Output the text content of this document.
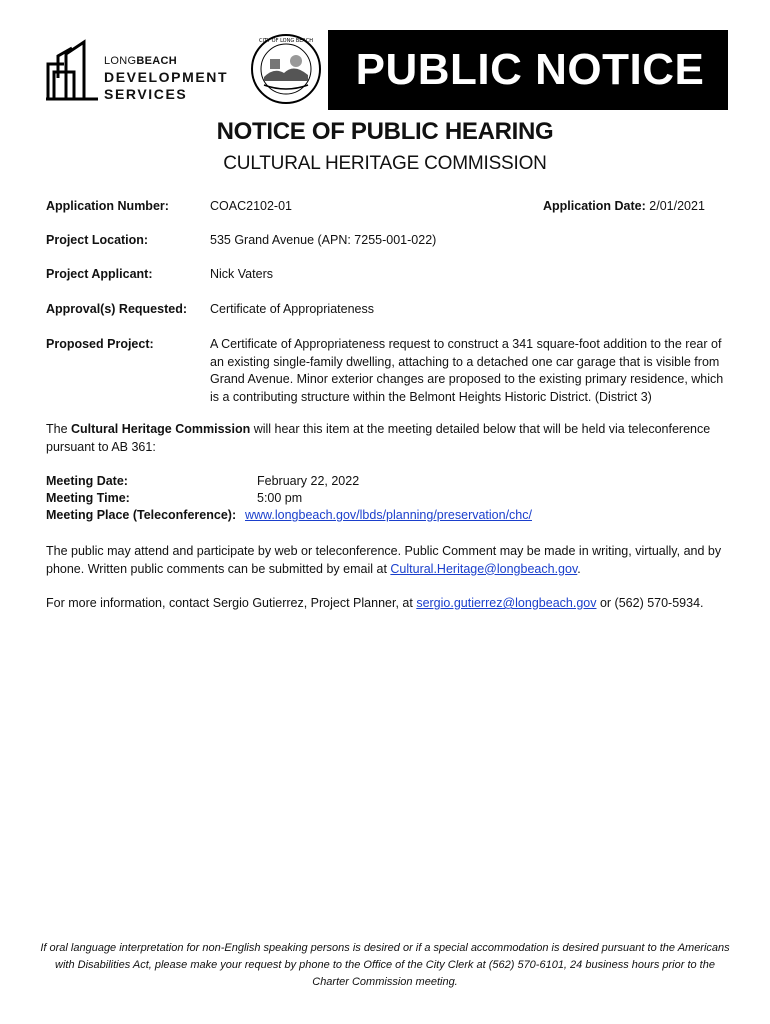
LONGBEACH
DEVELOPMENT
SERVICES
CITY OF LONG BEACH
PUBLIC NOTICE
NOTICE OF PUBLIC HEARING
CULTURAL HERITAGE COMMISSION
Application Number:	COAC2102-01	Application Date: 2/01/2021
Project Location:	535 Grand Avenue (APN: 7255-001-022)
Project Applicant:	Nick Vaters
Approval(s) Requested: Certificate of Appropriateness
Proposed Project:	A Certificate of Appropriateness request to construct a 341 square-foot addition to the rear of an existing single-family dwelling, attaching to a detached one car garage that is visible from Grand Avenue. Minor exterior changes are proposed to the existing primary residence, which is a contributing structure within the Belmont Heights Historic District. (District 3)
The Cultural Heritage Commission will hear this item at the meeting detailed below that will be held via teleconference pursuant to AB 361:
Meeting Date:	February 22, 2022
Meeting Time:	5:00 pm
Meeting Place (Teleconference): www.longbeach.gov/lbds/planning/preservation/chc/
The public may attend and participate by web or teleconference. Public Comment may be made in writing, virtually, and by phone. Written public comments can be submitted by email at Cultural.Heritage@longbeach.gov.
For more information, contact Sergio Gutierrez, Project Planner, at sergio.gutierrez@longbeach.gov or (562) 570-5934.
If oral language interpretation for non-English speaking persons is desired or if a special accommodation is desired pursuant to the Americans with Disabilities Act, please make your request by phone to the Office of the City Clerk at (562) 570-6101, 24 business hours prior to the Charter Commission meeting.
